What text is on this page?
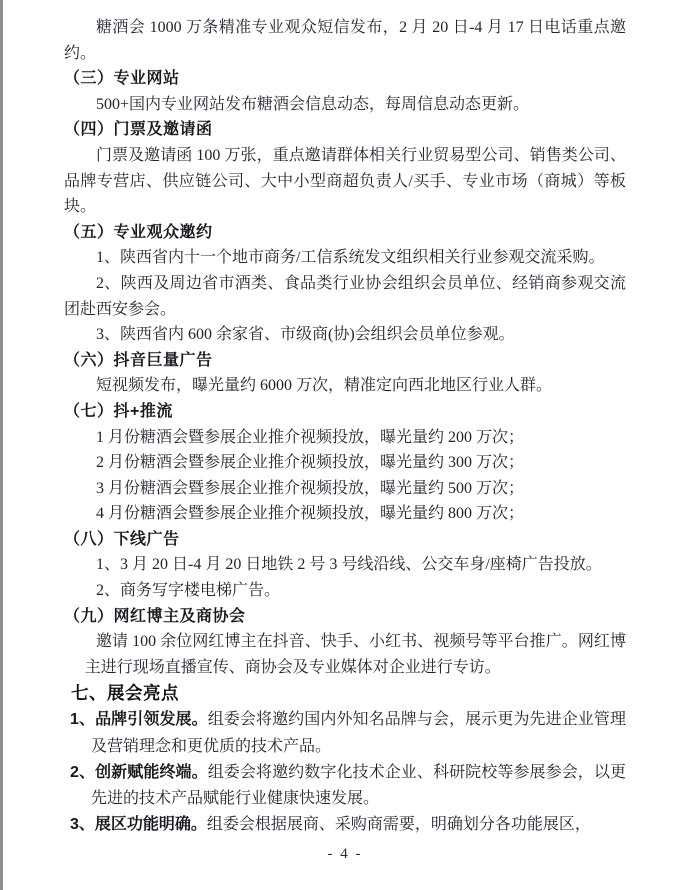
糖酒会 1000 万条精准专业观众短信发布，2 月 20 日-4 月 17 日电话重点邀约。
（三）专业网站
500+国内专业网站发布糖酒会信息动态，每周信息动态更新。
（四）门票及邀请函
门票及邀请函 100 万张，重点邀请群体相关行业贸易型公司、销售类公司、品牌专营店、供应链公司、大中小型商超负责人/买手、专业市场（商城）等板块。
（五）专业观众邀约
1、陕西省内十一个地市商务/工信系统发文组织相关行业参观交流采购。
2、陕西及周边省市酒类、食品类行业协会组织会员单位、经销商参观交流团赴西安参会。
3、陕西省内 600 余家省、市级商(协)会组织会员单位参观。
（六）抖音巨量广告
短视频发布，曝光量约 6000 万次，精准定向西北地区行业人群。
（七）抖+推流
1 月份糖酒会暨参展企业推介视频投放，曝光量约 200 万次；
2 月份糖酒会暨参展企业推介视频投放，曝光量约 300 万次；
3 月份糖酒会暨参展企业推介视频投放，曝光量约 500 万次；
4 月份糖酒会暨参展企业推介视频投放，曝光量约 800 万次；
（八）下线广告
1、3 月 20 日-4 月 20 日地铁 2 号 3 号线沿线、公交车身/座椅广告投放。
2、商务写字楼电梯广告。
（九）网红博主及商协会
邀请 100 余位网红博主在抖音、快手、小红书、视频号等平台推广。网红博主进行现场直播宣传、商协会及专业媒体对企业进行专访。
七、展会亮点
1、品牌引领发展。组委会将邀约国内外知名品牌与会，展示更为先进企业管理及营销理念和更优质的技术产品。
2、创新赋能终端。组委会将邀约数字化技术企业、科研院校等参展参会，以更先进的技术产品赋能行业健康快速发展。
3、展区功能明确。组委会根据展商、采购商需要，明确划分各功能展区，
- 4 -
